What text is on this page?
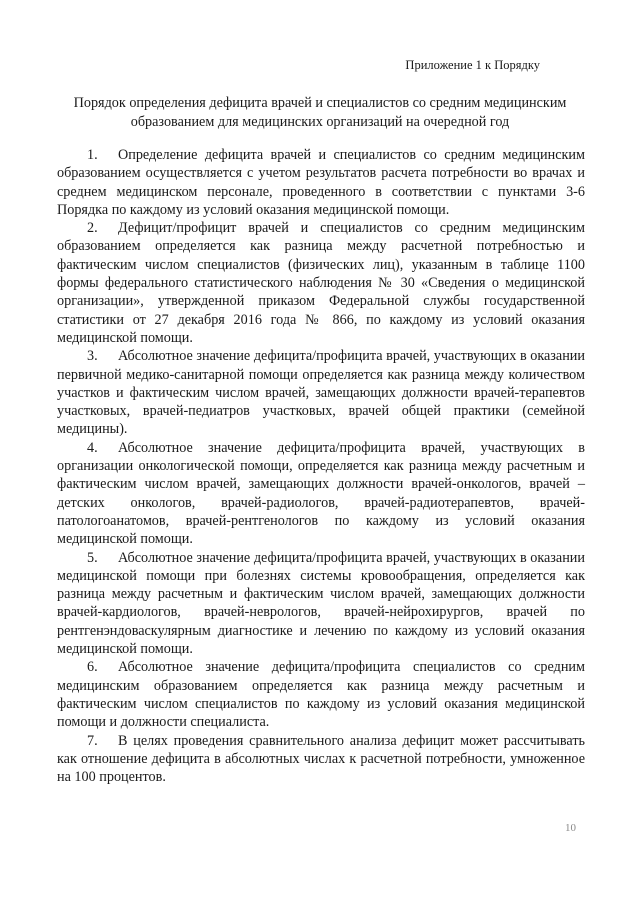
Приложение 1 к Порядку
Порядок определения дефицита врачей и специалистов со средним медицинским
образованием для медицинских организаций на очередной год

1. Определение дефицита врачей и специалистов со средним медицинским образованием осуществляется с учетом результатов расчета потребности во врачах и среднем медицинском персонале, проведенного в соответствии с пунктами 3-6 Порядка по каждому из условий оказания медицинской помощи.

2. Дефицит/профицит врачей и специалистов со средним медицинским образованием определяется как разница между расчетной потребностью и фактическим числом специалистов (физических лиц), указанным в таблице 1100 формы федерального статистического наблюдения № 30 «Сведения о медицинской организации», утвержденной приказом Федеральной службы государственной статистики от 27 декабря 2016 года № 866, по каждому из условий оказания медицинской помощи.

3. Абсолютное значение дефицита/профицита врачей, участвующих в оказании первичной медико-санитарной помощи определяется как разница между количеством участков и фактическим числом врачей, замещающих должности врачей-терапевтов участковых, врачей-педиатров участковых, врачей общей практики (семейной медицины).

4. Абсолютное значение дефицита/профицита врачей, участвующих в организации онкологической помощи, определяется как разница между расчетным и фактическим числом врачей, замещающих должности врачей-онкологов, врачей – детских онкологов, врачей-радиологов, врачей-радиотерапевтов, врачей-патологоанатомов, врачей-рентгенологов по каждому из условий оказания медицинской помощи.

5. Абсолютное значение дефицита/профицита врачей, участвующих в оказании медицинской помощи при болезнях системы кровообращения, определяется как разница между расчетным и фактическим числом врачей, замещающих должности врачей-кардиологов, врачей-неврологов, врачей-нейрохирургов, врачей по рентгенэндоваскулярным диагностике и лечению по каждому из условий оказания медицинской помощи.

6. Абсолютное значение дефицита/профицита специалистов со средним медицинским образованием определяется как разница между расчетным и фактическим числом специалистов по каждому из условий оказания медицинской помощи и должности специалиста.

7. В целях проведения сравнительного анализа дефицит может рассчитывать как отношение дефицита в абсолютных числах к расчетной потребности, умноженное на 100 процентов.

10
